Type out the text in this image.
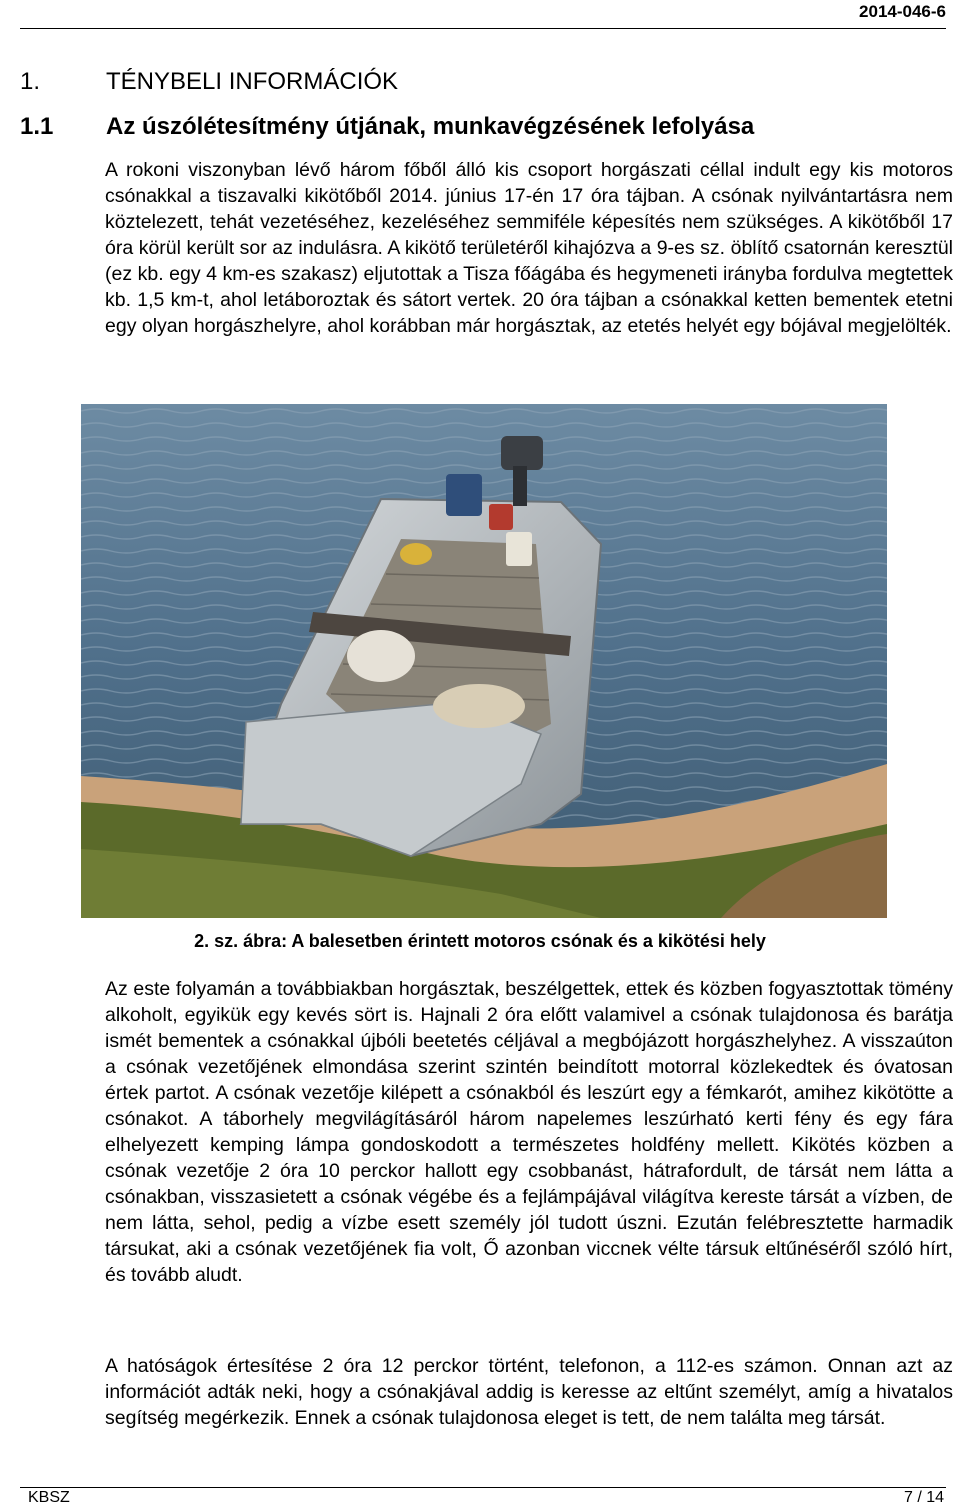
2014-046-6
1.	TÉNYBELI INFORMÁCIÓK
1.1 Az úszólétesítmény útjának, munkavégzésének lefolyása

A rokoni viszonyban lévő három főből álló kis csoport horgászati céllal indult egy kis motoros csónakkal a tiszavalki kikötőből 2014. június 17-én 17 óra tájban. A csónak nyilvántartásra nem köztelezett, tehát vezetéséhez, kezeléséhez semmiféle képesítés nem szükséges. A kikötőből 17 óra körül került sor az indulásra. A kikötő területéről kihajózva a 9-es sz. öblítő csatornán keresztül (ez kb. egy 4 km-es szakasz) eljutottak a Tisza főágába és hegymeneti irányba fordulva megtettek kb. 1,5 km-t, ahol letáboroztak és sátort vertek. 20 óra tájban a csónakkal ketten bementek etetni egy olyan horgászhelyre, ahol korábban már horgásztak, az etetés helyét egy bójával megjelölték.

2. sz. ábra: A balesetben érintett motoros csónak és a kikötési hely

Az este folyamán a továbbiakban horgásztak, beszélgettek, ettek és közben fogyasztottak tömény alkoholt, egyikük egy kevés sört is. Hajnali 2 óra előtt valamivel a csónak tulajdonosa és barátja ismét bementek a csónakkal újbóli beetetés céljával a megbójázott horgászhelyhez. A visszaúton a csónak vezetőjének elmondása szerint szintén beindított motorral közlekedtek és óvatosan értek partot. A csónak vezetője kilépett a csónakból és leszúrt egy a fémkarót, amihez kikötötte a csónakot. A táborhely megvilágításáról három napelemes leszúrható kerti fény és egy fára elhelyezett kemping lámpa gondoskodott a természetes holdfény mellett. Kikötés közben a csónak vezetője 2 óra 10 perckor hallott egy csobbanást, hátrafordult, de társát nem látta a csónakban, visszasietett a csónak végébe és a fejlámpájával világítva kereste társát a vízben, de nem látta, sehol, pedig a vízbe esett személy jól tudott úszni. Ezután felébresztette harmadik társukat, aki a csónak vezetőjének fia volt, Ő azonban viccnek vélte társuk eltűnéséről szóló hírt, és tovább aludt.

A hatóságok értesítése 2 óra 12 perckor történt, telefonon, a 112-es számon. Onnan azt az információt adták neki, hogy a csónakjával addig is keresse az eltűnt személyt, amíg a hivatalos segítség megérkezik. Ennek a csónak tulajdonosa eleget is tett, de nem találta meg társát.

KBSZ	7 / 14
